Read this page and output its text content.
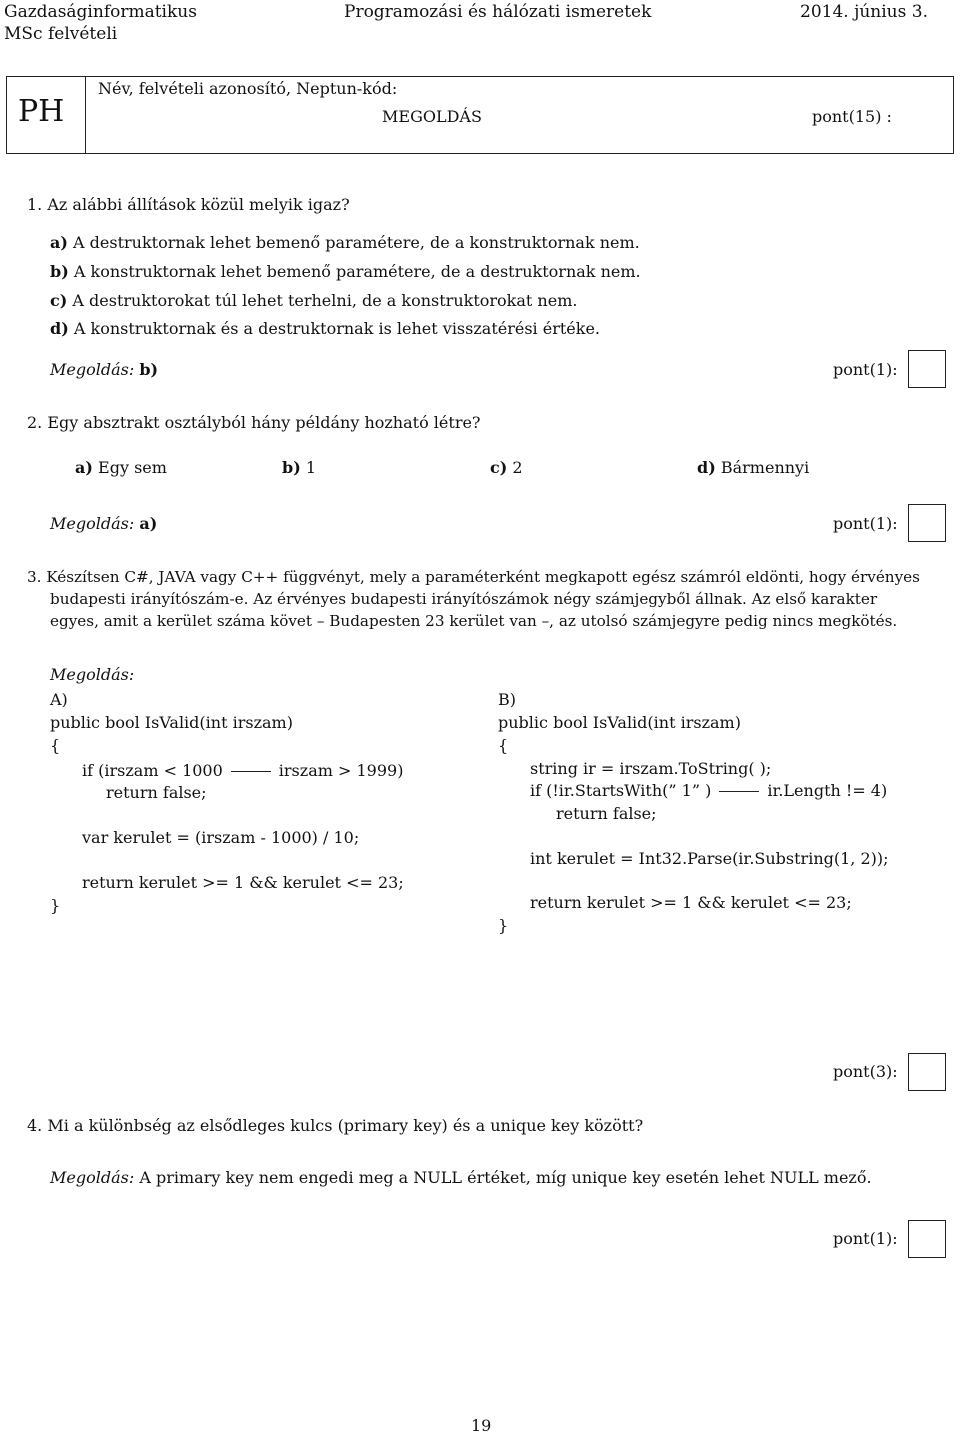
Gazdaságinformatikus
MSc felvételi
Programozási és hálózati ismeretek	2014. június 3.
PH
Név, felvételi azonosító, Neptun-kód:
MEGOLDÁS	pont(15) :
1. Az alábbi állítások közül melyik igaz?
a) A destruktornak lehet bemenő paramétere, de a konstruktornak nem.
b) A konstruktornak lehet bemenő paramétere, de a destruktornak nem.
c) A destruktorokat túl lehet terhelni, de a konstruktorokat nem.
d) A konstruktornak és a destruktornak is lehet visszatérési értéke.
Megoldás: b)	pont(1):
2. Egy absztrakt osztályból hány példány hozható létre?
a) Egy sem	b) 1	c) 2	d) Bármennyi
Megoldás: a)	pont(1):
3. Készítsen C#, JAVA vagy C++ függvényt, mely a paraméterként megkapott egész számról eldönti, hogy érvényes
budapesti irányítószám-e. Az érvényes budapesti irányítószámok négy számjegyből állnak. Az első karakter
egyes, amit a kerület száma követ – Budapesten 23 kerület van –, az utolsó számjegyre pedig nincs megkötés.
Megoldás:
A)
public bool IsValid(int irszam)
{
if (irszam < 1000	irszam > 1999)
return false;
var kerulet = (irszam - 1000) / 10;
return kerulet >= 1 && kerulet <= 23;
}
B)
public bool IsValid(int irszam)
{
string ir = irszam.ToString( );
if (!ir.StartsWith(” 1” )	ir.Length != 4)
return false;
int kerulet = Int32.Parse(ir.Substring(1, 2));
return kerulet >= 1 && kerulet <= 23;
}
pont(3):
4. Mi a különbség az elsődleges kulcs (primary key) és a unique key között?
Megoldás: A primary key nem engedi meg a NULL értéket, míg unique key esetén lehet NULL mező.
pont(1):
19
